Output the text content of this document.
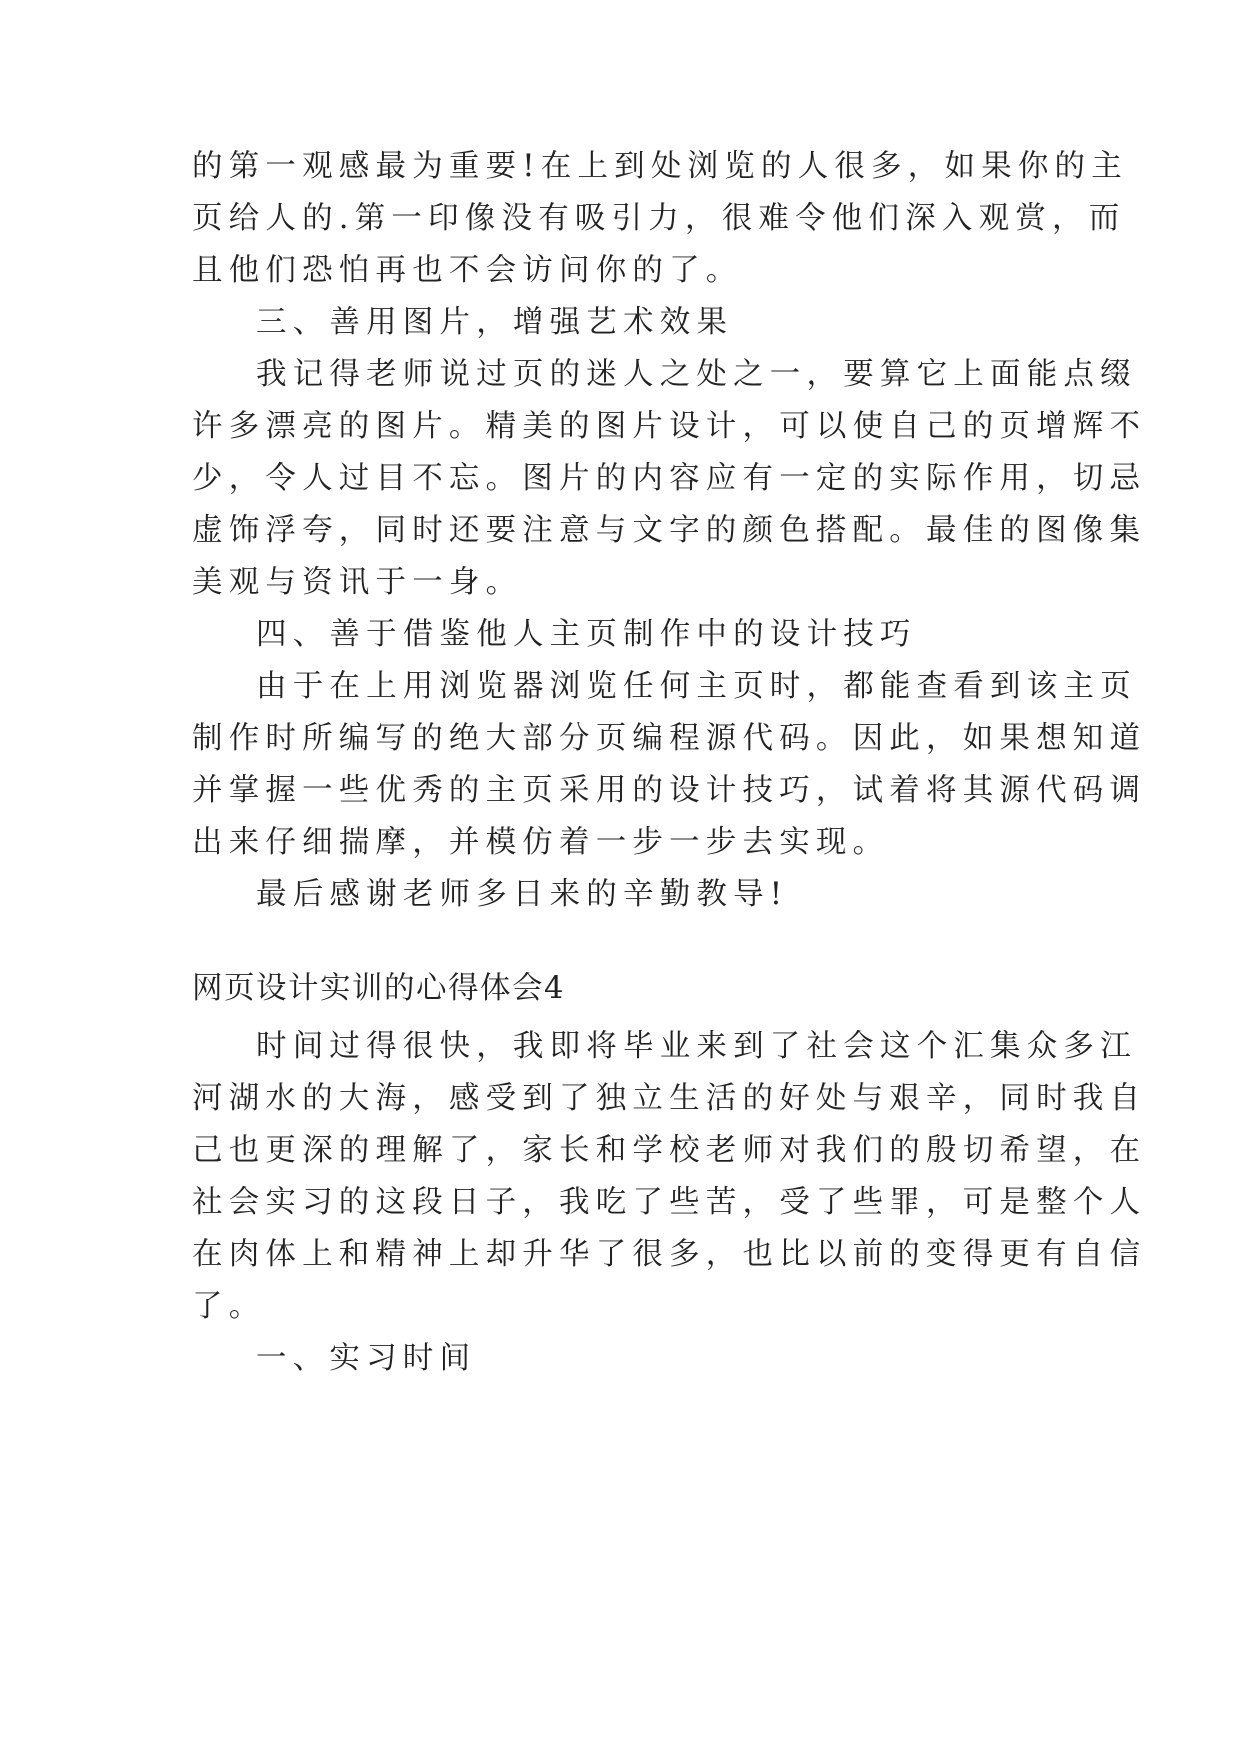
的第一观感最为重要!在上到处浏览的人很多，如果你的主
页给人的.第一印像没有吸引力，很难令他们深入观赏，而
且他们恐怕再也不会访问你的了。
三、善用图片，增强艺术效果
我记得老师说过页的迷人之处之一，要算它上面能点缀
许多漂亮的图片。精美的图片设计，可以使自己的页增辉不
少，令人过目不忘。图片的内容应有一定的实际作用，切忌
虚饰浮夸，同时还要注意与文字的颜色搭配。最佳的图像集
美观与资讯于一身。
四、善于借鉴他人主页制作中的设计技巧
由于在上用浏览器浏览任何主页时，都能查看到该主页
制作时所编写的绝大部分页编程源代码。因此，如果想知道
并掌握一些优秀的主页采用的设计技巧，试着将其源代码调
出来仔细揣摩，并模仿着一步一步去实现。
最后感谢老师多日来的辛勤教导!
网页设计实训的心得体会4
时间过得很快，我即将毕业来到了社会这个汇集众多江
河湖水的大海，感受到了独立生活的好处与艰辛，同时我自
己也更深的理解了，家长和学校老师对我们的殷切希望，在
社会实习的这段日子，我吃了些苦，受了些罪，可是整个人
在肉体上和精神上却升华了很多，也比以前的变得更有自信
了。
一、实习时间
